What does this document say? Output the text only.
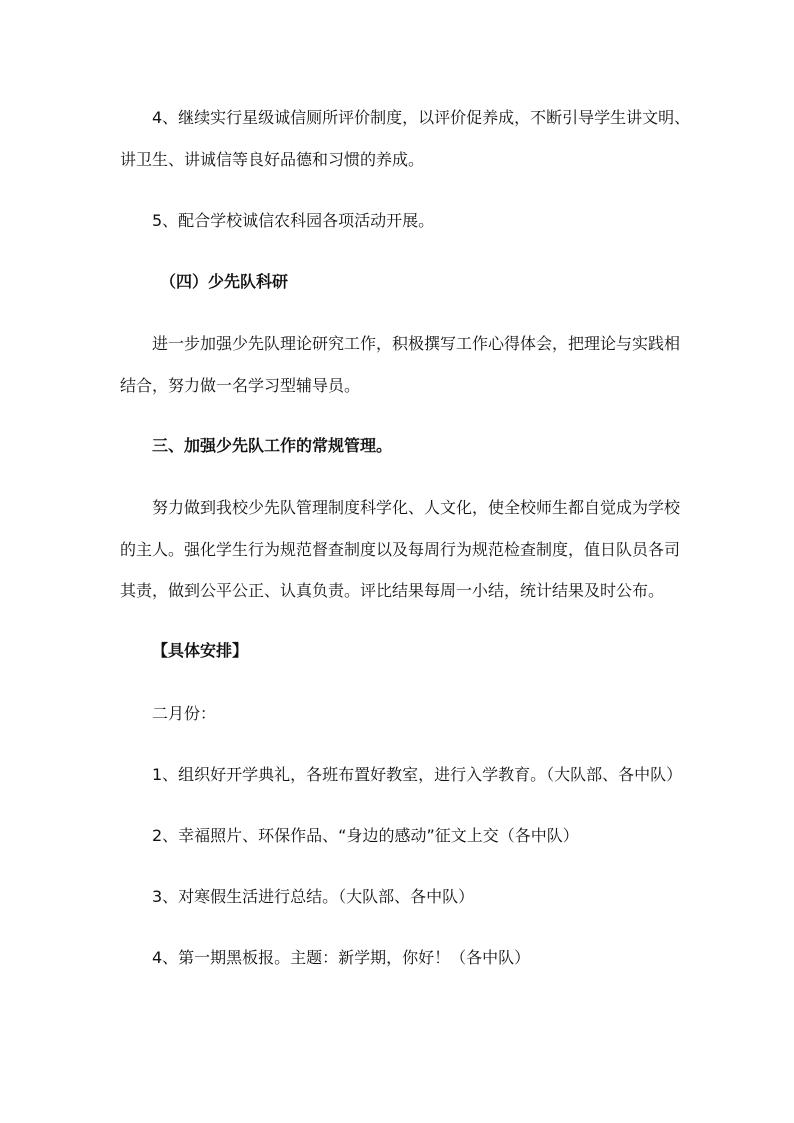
4、继续实行星级诚信厕所评价制度，以评价促养成，不断引导学生讲文明、
讲卫生、讲诚信等良好品德和习惯的养成。
5、配合学校诚信农科园各项活动开展。
（四）少先队科研
进一步加强少先队理论研究工作，积极撰写工作心得体会，把理论与实践相
结合，努力做一名学习型辅导员。
三、加强少先队工作的常规管理。
努力做到我校少先队管理制度科学化、人文化，使全校师生都自觉成为学校
的主人。强化学生行为规范督查制度以及每周行为规范检查制度，值日队员各司
其责，做到公平公正、认真负责。评比结果每周一小结，统计结果及时公布。
【具体安排】
二月份：
1、组织好开学典礼，各班布置好教室，进行入学教育。（大队部、各中队）
2、幸福照片、环保作品、“身边的感动”征文上交（各中队）
3、对寒假生活进行总结。（大队部、各中队）
4、第一期黑板报。主题：新学期，你好！（各中队）
